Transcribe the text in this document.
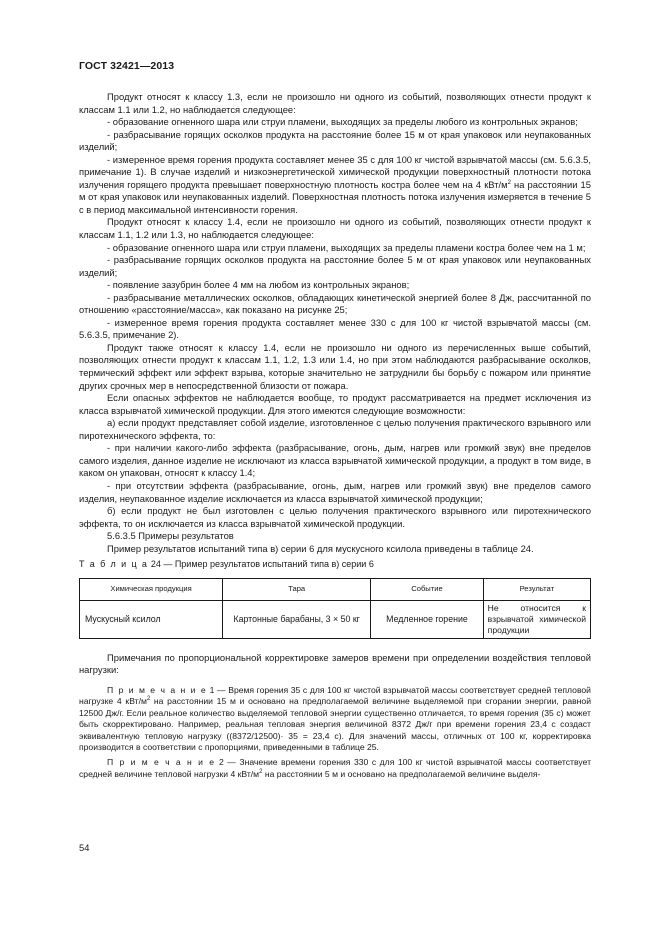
ГОСТ 32421—2013

Продукт относят к классу 1.3, если не произошло ни одного из событий, позволяющих отнести продукт к классам 1.1 или 1.2, но наблюдается следующее:

- образование огненного шара или струи пламени, выходящих за пределы любого из контрольных экранов;

- разбрасывание горящих осколков продукта на расстояние более 15 м от края упаковок или неупакованных изделий;

- измеренное время горения продукта составляет менее 35 с для 100 кг чистой взрывчатой массы (см. 5.6.3.5, примечание 1). В случае изделий и низкоэнергетической химической продукции поверхностный плотности потока излучения горящего продукта превышает поверхностную плотность костра более чем на 4 кВт/$м^2$ на расстоянии 15 м от края упаковок или неупакованных изделий. Поверхностная плотность потока излучения измеряется в течение 5 с в период максимальной интенсивности горения.

Продукт относят к классу 1.4, если не произошло ни одного из событий, позволяющих отнести продукт к классам 1.1, 1.2 или 1.3, но наблюдается следующее:

- образование огненного шара или струи пламени, выходящих за пределы пламени костра более чем на 1 м;

- разбрасывание горящих осколков продукта на расстояние более 5 м от края упаковок или неупакованных изделий;

- появление зазубрин более 4 мм на любом из контрольных экранов;

- разбрасывание металлических осколков, обладающих кинетической энергией более 8 Дж, рассчитанной по отношению «расстояние/масса», как показано на рисунке 25;

- измеренное время горения продукта составляет менее 330 с для 100 кг чистой взрывчатой массы (см. 5.6.3.5, примечание 2).

Продукт также относят к классу 1.4, если не произошло ни одного из перечисленных выше событий, позволяющих отнести продукт к классам 1.1, 1.2, 1.3 или 1.4, но при этом наблюдаются разбрасывание осколков, термический эффект или эффект взрыва, которые значительно не затруднили бы борьбу с пожаром или принятие других срочных мер в непосредственной близости от пожара.

Если опасных эффектов не наблюдается вообще, то продукт рассматривается на предмет исключения из класса взрывчатой химической продукции. Для этого имеются следующие возможности:

а) если продукт представляет собой изделие, изготовленное с целью получения практического взрывного или пиротехнического эффекта, то:

- при наличии какого-либо эффекта (разбрасывание, огонь, дым, нагрев или громкий звук) вне пределов самого изделия, данное изделие не исключают из класса взрывчатой химической продукции, а продукт в том виде, в каком он упакован, относят к классу 1.4;

- при отсутствии эффекта (разбрасывание, огонь, дым, нагрев или громкий звук) вне пределов самого изделия, неупакованное изделие исключается из класса взрывчатой химической продукции;

б) если продукт не был изготовлен с целью получения практического взрывного или пиротехнического эффекта, то он исключается из класса взрывчатой химической продукции.

5.6.3.5 Примеры результатов

Пример результатов испытаний типа в) серии 6 для мускусного ксилола приведены в таблице 24.

Т а б л и ц а 24 — Пример результатов испытаний типа в) серии 6

Химическая продукция	Тара	Событие	Результат
Мускусный ксилол	Картонные барабаны, 3 × 50 кг	Медленное горение	Не относится к взрывчатой химической продукции

Примечания по пропорциональной корректировке замеров времени при определении воздействия тепловой нагрузки:

П р и м е ч а н и е 1 — Время горения 35 с для 100 кг чистой взрывчатой массы соответствует средней тепловой нагрузке 4 кВт/$м^2$ на расстоянии 15 м и основано на предполагаемой величине выделяемой при сгорании энергии, равной 12500 Дж/г. Если реальное количество выделяемой тепловой энергии существенно отличается, то время горения (35 с) может быть скорректировано. Например, реальная тепловая энергия величиной 8372 Дж/г при времени горения 23,4 с создаст эквивалентную тепловую нагрузку ((8372/12500)· 35 = 23,4 с). Для значений массы, отличных от 100 кг, корректировка производится в соответствии с пропорциями, приведенными в таблице 25.

П р и м е ч а н и е 2 — Значение времени горения 330 с для 100 кг чистой взрывчатой массы соответствует средней величине тепловой нагрузки 4 кВт/$м^2$ на расстоянии 5 м и основано на предполагаемой величине выделя-

54
